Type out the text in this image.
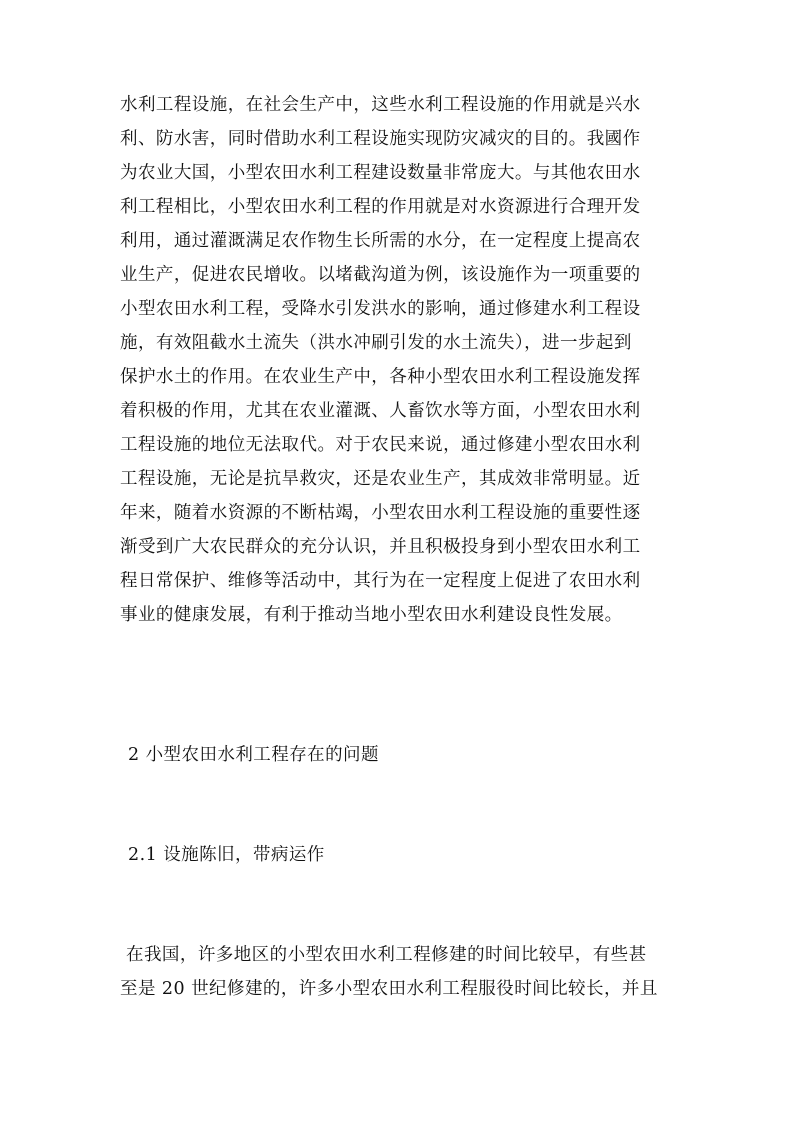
水利工程设施，在社会生产中，这些水利工程设施的作用就是兴水
利、防水害，同时借助水利工程设施实现防灾减灾的目的。我國作
为农业大国，小型农田水利工程建设数量非常庞大。与其他农田水
利工程相比，小型农田水利工程的作用就是对水资源进行合理开发
利用，通过灌溉满足农作物生长所需的水分，在一定程度上提高农
业生产，促进农民增收。以堵截沟道为例，该设施作为一项重要的
小型农田水利工程，受降水引发洪水的影响，通过修建水利工程设
施，有效阻截水土流失（洪水冲刷引发的水土流失），进一步起到
保护水土的作用。在农业生产中，各种小型农田水利工程设施发挥
着积极的作用，尤其在农业灌溉、人畜饮水等方面，小型农田水利
工程设施的地位无法取代。对于农民来说，通过修建小型农田水利
工程设施，无论是抗旱救灾，还是农业生产，其成效非常明显。近
年来，随着水资源的不断枯竭，小型农田水利工程设施的重要性逐
渐受到广大农民群众的充分认识，并且积极投身到小型农田水利工
程日常保护、维修等活动中，其行为在一定程度上促进了农田水利
事业的健康发展，有利于推动当地小型农田水利建设良性发展。
2 小型农田水利工程存在的问题
2.1 设施陈旧，带病运作
在我国，许多地区的小型农田水利工程修建的时间比较早，有些甚
至是 20 世纪修建的，许多小型农田水利工程服役时间比较长，并且
